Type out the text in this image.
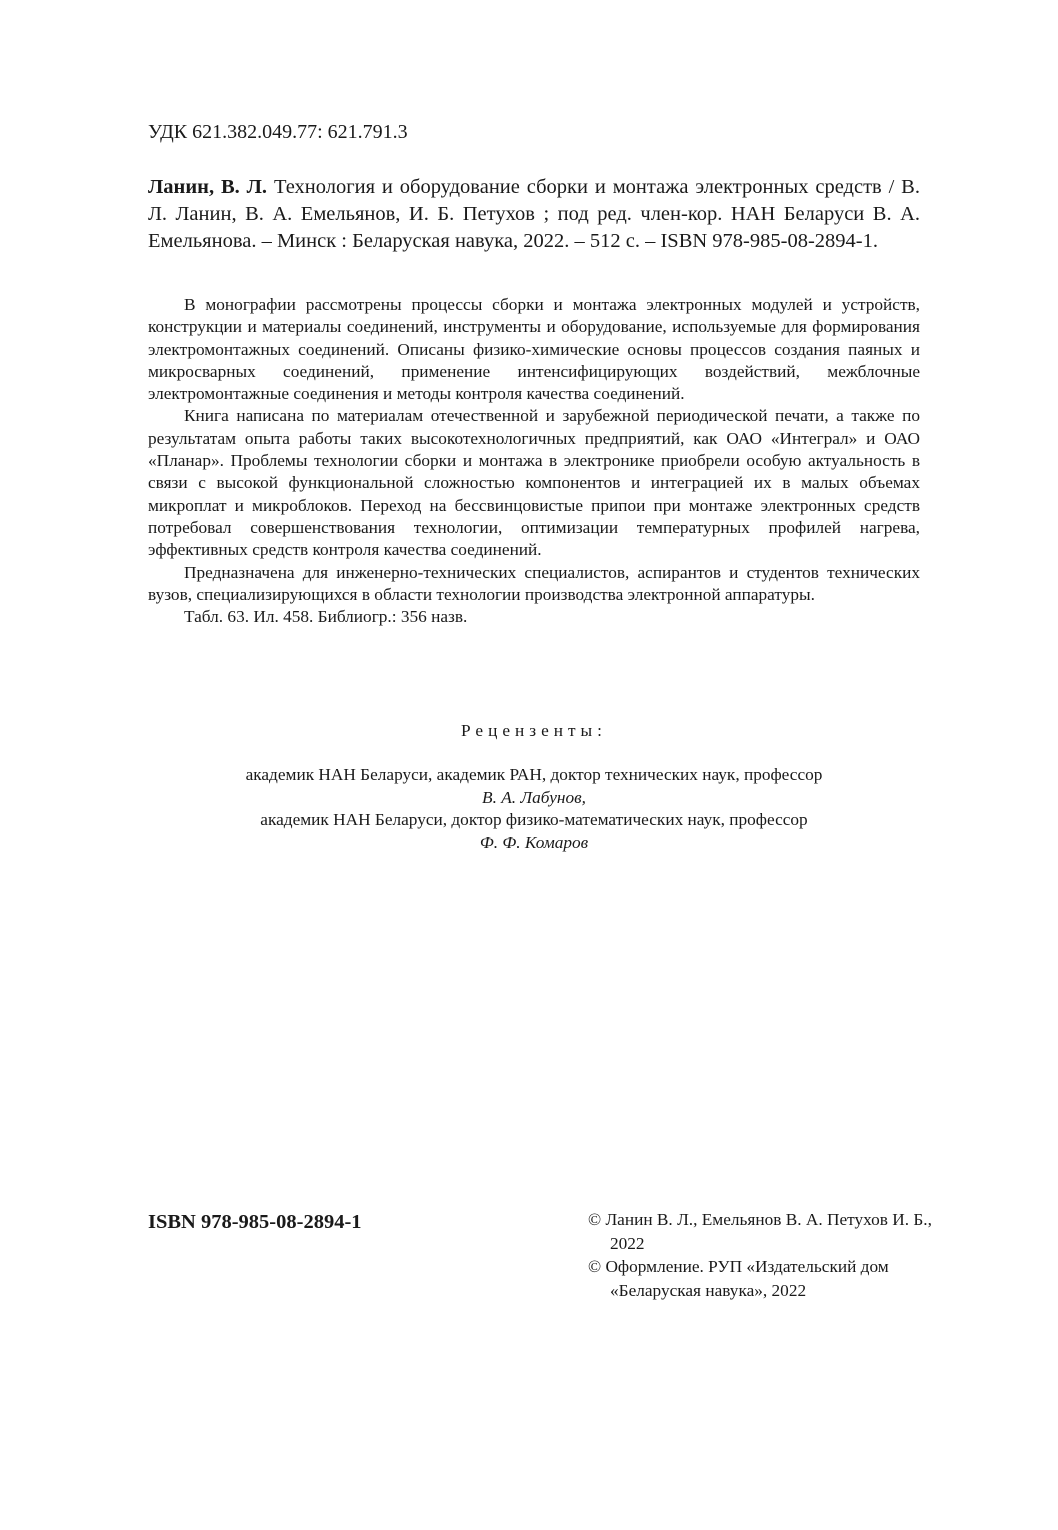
УДК 621.382.049.77: 621.791.3
Ланин, В. Л. Технология и оборудование сборки и монтажа электронных средств / В. Л. Ланин, В. А. Емельянов, И. Б. Петухов ; под ред. член-кор. НАН Беларуси В. А. Емельянова. – Минск : Беларуская навука, 2022. – 512 с. – ISBN 978-985-08-2894-1.

В монографии рассмотрены процессы сборки и монтажа электронных модулей и устройств, конструкции и материалы соединений, инструменты и оборудование, используемые для формирования электромонтажных соединений. Описаны физико-химические основы процессов создания паяных и микросварных соединений, применение интенсифицирующих воздействий, межблочные электромонтажные соединения и методы контроля качества соединений.

Книга написана по материалам отечественной и зарубежной периодической печати, а также по результатам опыта работы таких высокотехнологичных предприятий, как ОАО «Интеграл» и ОАО «Планар». Проблемы технологии сборки и монтажа в электронике приобрели особую актуальность в связи с высокой функциональной сложностью компонентов и интеграцией их в малых объемах микроплат и микроблоков. Переход на бессвинцовистые припои при монтаже электронных средств потребовал совершенствования технологии, оптимизации температурных профилей нагрева, эффективных средств контроля качества соединений.

Предназначена для инженерно-технических специалистов, аспирантов и студентов технических вузов, специализирующихся в области технологии производства электронной аппаратуры.

Табл. 63. Ил. 458. Библиогр.: 356 назв.

Рецензенты:
академик НАН Беларуси, академик РАН, доктор технических наук, профессор
В. А. Лабунов,
академик НАН Беларуси, доктор физико-математических наук, профессор
Ф. Ф. Комаров
ISBN 978-985-08-2894-1	© Ланин В. Л., Емельянов В. А. Петухов И. Б., 2022
© Оформление. РУП «Издательский дом «Беларуская навука», 2022
